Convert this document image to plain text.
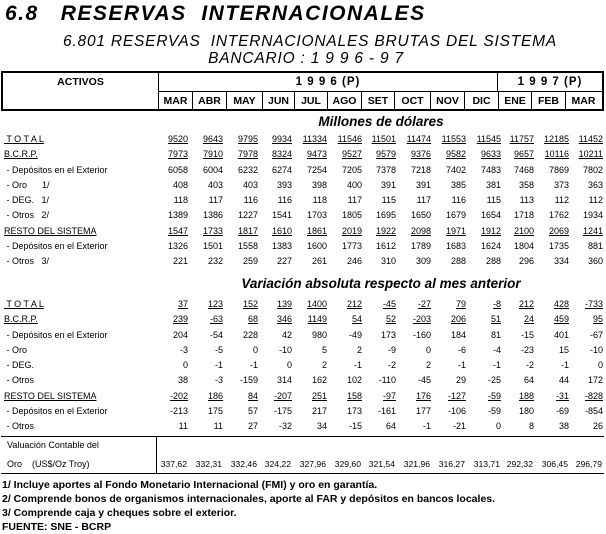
6.8   RESERVAS  INTERNACIONALES
6.801 RESERVAS  INTERNACIONALES BRUTAS DEL SISTEMA
BANCARIO : 1 9 9 6 - 9 7
ACTIVOS	1 9 9 6 (P)	1 9 9 7 (P)
MAR	ABR	MAY	JUN	JUL	AGO	SET	OCT	NOV	DIC	ENE	FEB	MAR
Millones de dólares
T O T A L	9520 9643 9795 9934 11334 11546 11501 11474 11553 11545 11757 12185 11452
B.C.R.P.	7973 7910 7978 8324 9473 9527 9579 9376 9582 9633 9657 10116 10211
- Depósitos en el Exterior	6058 6004 6232 6274 7254 7205 7378 7218 7402 7483 7468 7869 7802
- Oro      1/	408 403 403 393 398 400 391 391 385 381 358 373 363
- DEG.   1/	118 117 116 116 118 117 115 117 116 115 113 112 112
- Otros   2/	1389 1386 1227 1541 1703 1805 1695 1650 1679 1654 1718 1762 1934
RESTO DEL SISTEMA	1547 1733 1817 1610 1861 2019 1922 2098 1971 1912 2100 2069 1241
- Depósitos en el Exterior	1326 1501 1558 1383 1600 1773 1612 1789 1683 1624 1804 1735 881
- Otros   3/	221 232 259 227 261 246 310 309 288 288 296 334 360
Variación absoluta respecto al mes anterior
T O T A L	37 123 152 139 1400 212 -45 -27	79	-8 212 428 -733
B.C.R.P.	239 -63	68 346 1149	54	52 -203 206	51	24 459	95
- Depósitos en el Exterior	204 -54 228	42 980 -49 173 -160 184	81 -15 401 -67
- Oro	-3	-5	0 -10	5	2	-9	0	-6	-4 -23	15 -10
- DEG.	0	-1	-1	0	2	-1	-2	2	-1	-1	-2	-1	0
- Otros	38	-3 -159 314 162 102 -110 -45	29 -25	64	44 172
RESTO DEL SISTEMA	-202 186	84 -207 251 158 -97 176 -127 -59 188 -31 -828
- Depósitos en el Exterior	-213 175	57 -175 217 173 -161 177 -106 -59 180 -69 -854
- Otros	11	11	27 -32	34 -15	64	-1 -21	0	8	38	26
Valuación Contable del
Oro    (US$/Oz Troy)	337,62 332,31 332,46 324,22 327,96 329,60 321,54 321,96 316,27 313,71 292,32 306,45 296,79
1/ Incluye aportes al Fondo Monetario Internacional (FMI) y oro en garantía.
2/ Comprende bonos de organismos internacionales, aporte al FAR y depósitos en bancos locales.
3/ Comprende caja y cheques sobre el exterior.
FUENTE: SNE - BCRP
